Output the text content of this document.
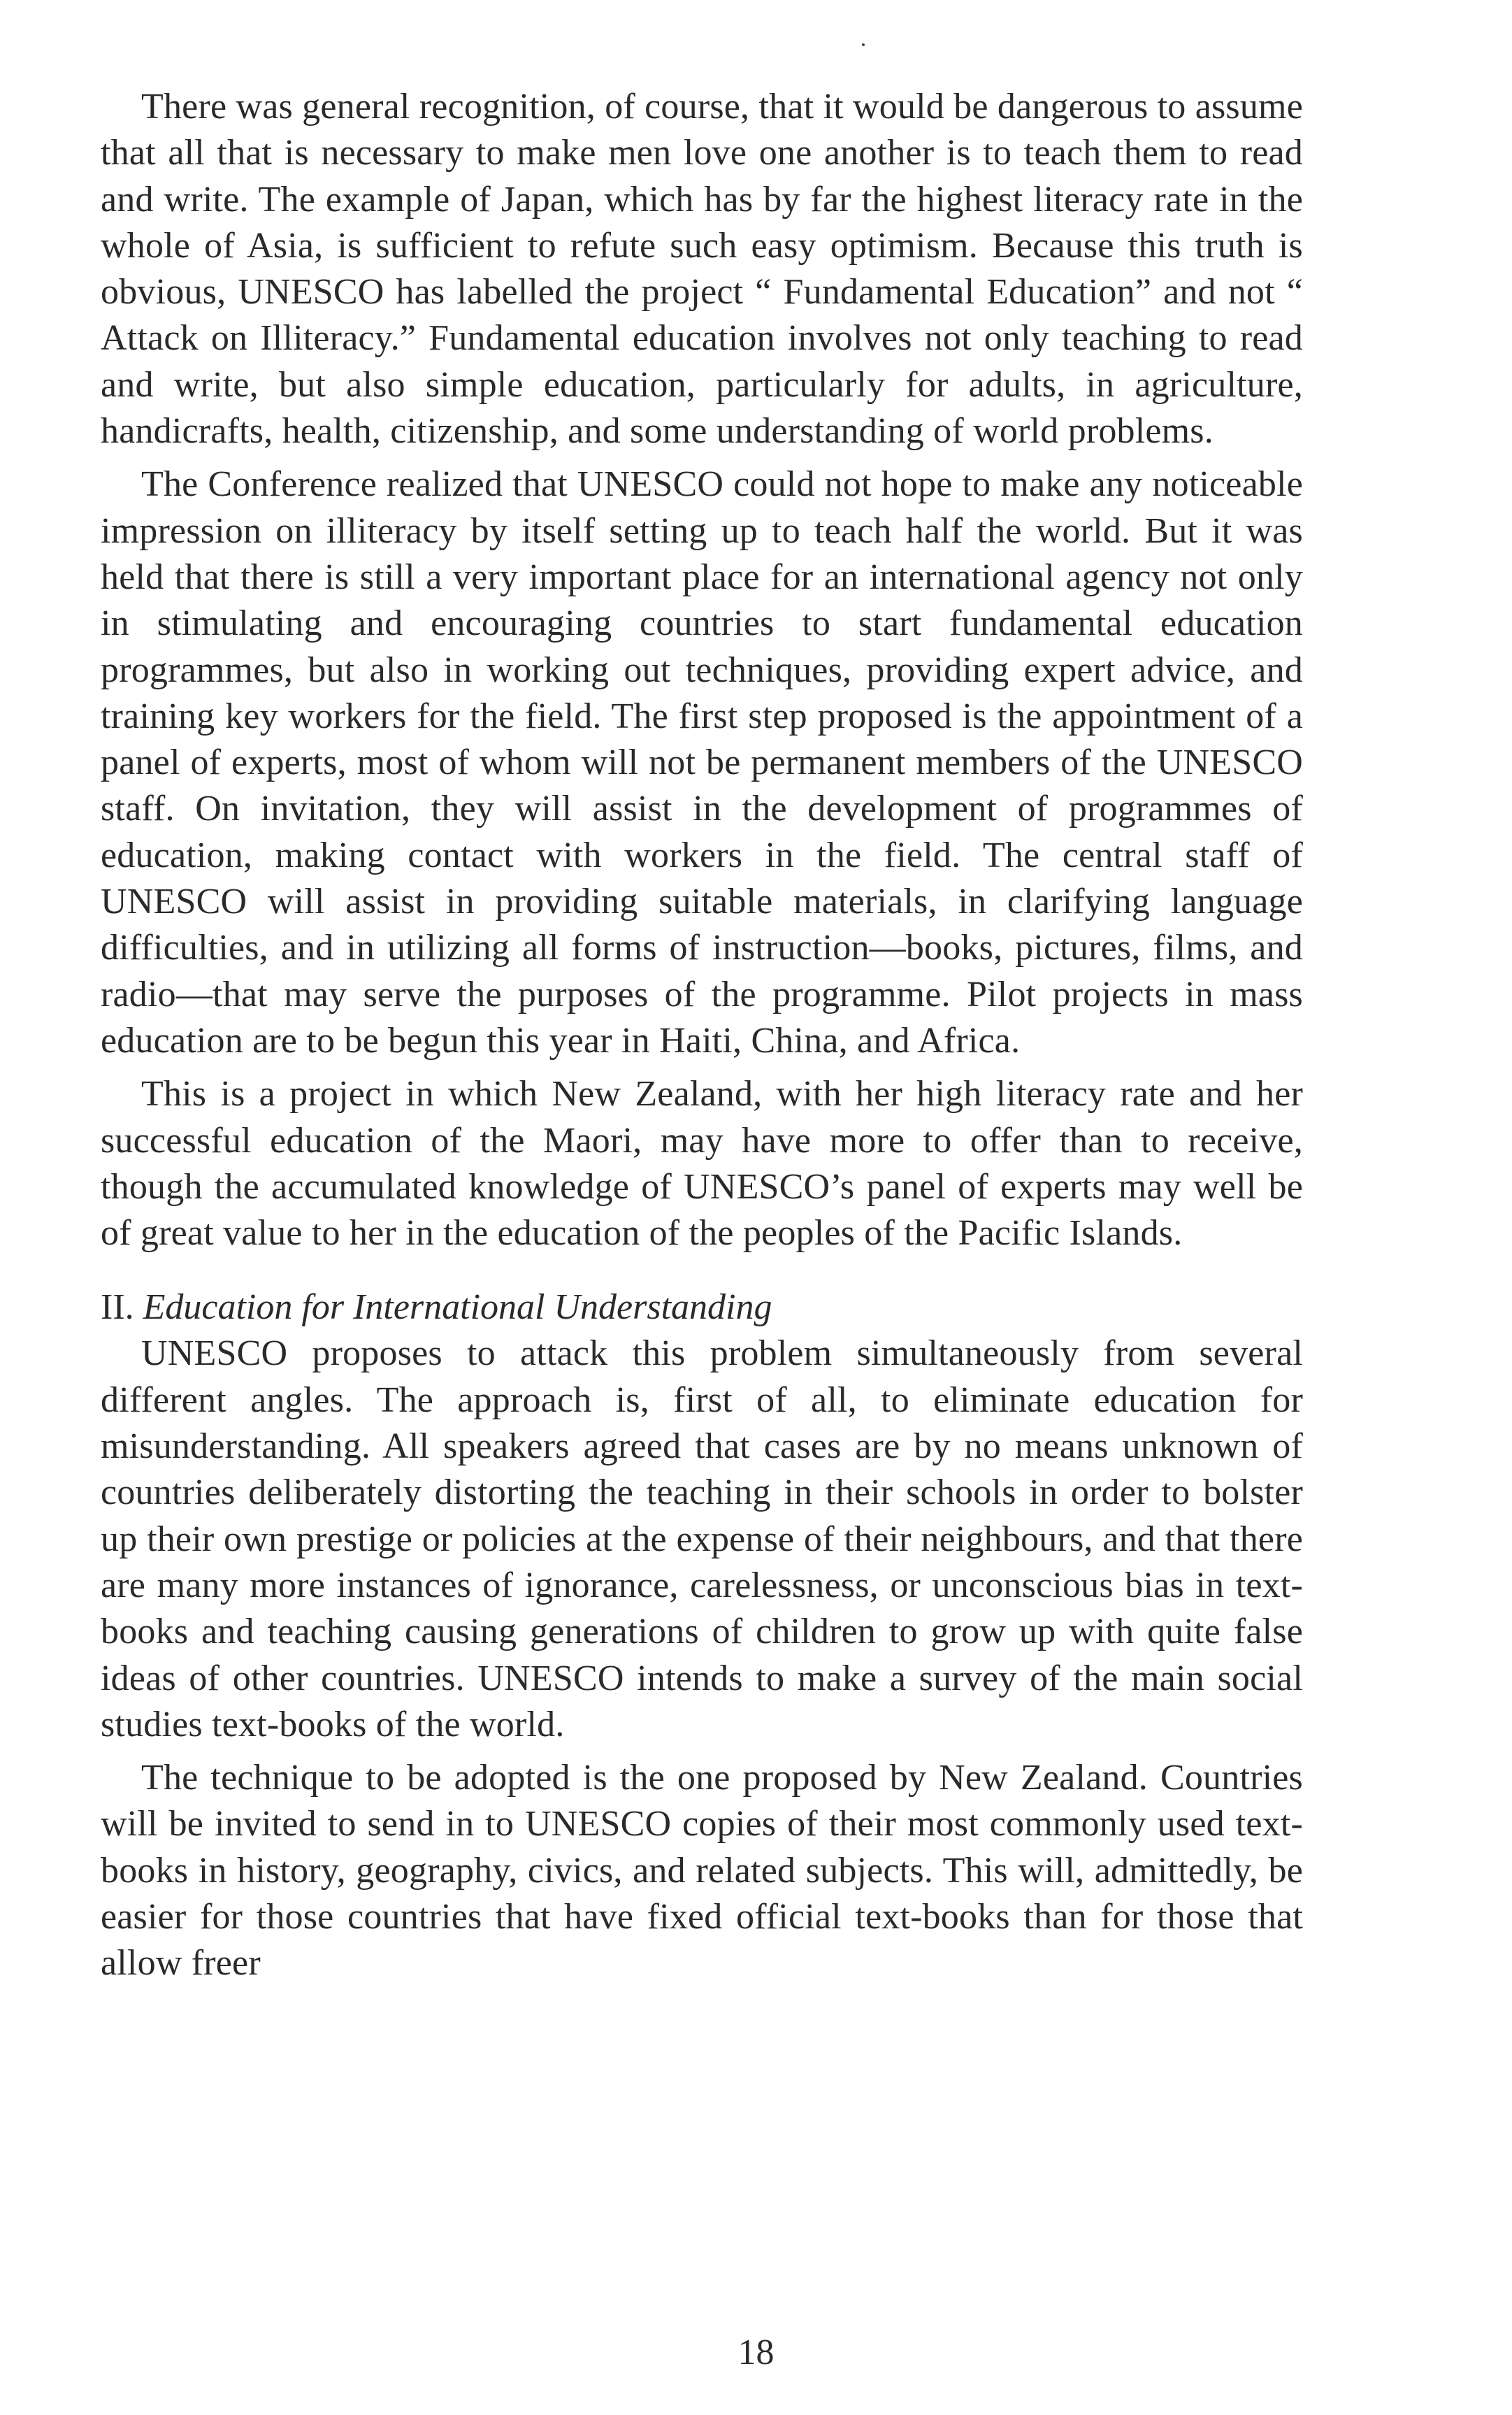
There was general recognition, of course, that it would be dangerous to assume that all that is necessary to make men love one another is to teach them to read and write. The example of Japan, which has by far the highest literacy rate in the whole of Asia, is sufficient to refute such easy optimism. Because this truth is obvious, UNESCO has labelled the project “ Fundamental Education” and not “ Attack on Illiteracy.” Fundamental education involves not only teaching to read and write, but also simple education, particularly for adults, in agriculture, handicrafts, health, citizenship, and some understanding of world problems.

The Conference realized that UNESCO could not hope to make any noticeable impression on illiteracy by itself setting up to teach half the world. But it was held that there is still a very important place for an international agency not only in stimulating and encouraging countries to start fundamental education programmes, but also in working out techniques, providing expert advice, and training key workers for the field. The first step proposed is the appointment of a panel of experts, most of whom will not be permanent members of the UNESCO staff. On invitation, they will assist in the development of programmes of education, making contact with workers in the field. The central staff of UNESCO will assist in providing suitable materials, in clarifying language difficulties, and in utilizing all forms of instruction—books, pictures, films, and radio—that may serve the purposes of the programme. Pilot projects in mass education are to be begun this year in Haiti, China, and Africa.

This is a project in which New Zealand, with her high literacy rate and her successful education of the Maori, may have more to offer than to receive, though the accumulated knowledge of UNESCO’s panel of experts may well be of great value to her in the education of the peoples of the Pacific Islands.

II. Education for International Understanding

UNESCO proposes to attack this problem simultaneously from several different angles. The approach is, first of all, to eliminate education for misunderstanding. All speakers agreed that cases are by no means unknown of countries deliberately distorting the teaching in their schools in order to bolster up their own prestige or policies at the expense of their neighbours, and that there are many more instances of ignorance, carelessness, or unconscious bias in text-books and teaching causing generations of children to grow up with quite false ideas of other countries. UNESCO intends to make a survey of the main social studies text-books of the world.

The technique to be adopted is the one proposed by New Zealand. Countries will be invited to send in to UNESCO copies of their most commonly used text-books in history, geography, civics, and related subjects. This will, admittedly, be easier for those countries that have fixed official text-books than for those that allow freer

18
